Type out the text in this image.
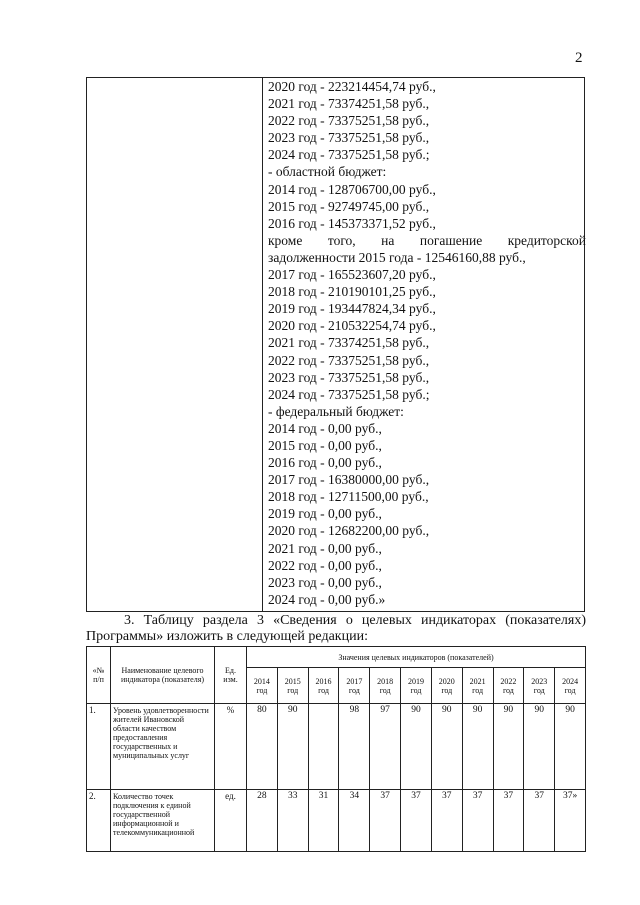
2
2020 год - 223214454,74 руб.,
2021 год - 73374251,58 руб.,
2022 год - 73375251,58 руб.,
2023 год - 73375251,58 руб.,
2024 год - 73375251,58 руб.;
- областной бюджет:
2014 год - 128706700,00 руб.,
2015 год - 92749745,00 руб.,
2016 год - 145373371,52 руб.,
кроме того, на погашение кредиторской
задолженности 2015 года - 12546160,88 руб.,
2017 год - 165523607,20 руб.,
2018 год - 210190101,25 руб.,
2019 год - 193447824,34 руб.,
2020 год - 210532254,74 руб.,
2021 год - 73374251,58 руб.,
2022 год - 73375251,58 руб.,
2023 год - 73375251,58 руб.,
2024 год - 73375251,58 руб.;
- федеральный бюджет:
2014 год - 0,00 руб.,
2015 год - 0,00 руб.,
2016 год - 0,00 руб.,
2017 год - 16380000,00 руб.,
2018 год - 12711500,00 руб.,
2019 год - 0,00 руб.,
2020 год - 12682200,00 руб.,
2021 год - 0,00 руб.,
2022 год - 0,00 руб.,
2023 год - 0,00 руб.,
2024 год - 0,00 руб.»

3. Таблицу раздела 3 «Сведения о целевых индикаторах (показателях) Программы» изложить в следующей редакции:

«№ п/п	Наименование целевого индикатора (показателя)	Ед. изм.	Значения целевых индикаторов (показателей)										
			2014 год	2015 год	2016 год	2017 год	2018 год	2019 год	2020 год	2021 год	2022 год	2023 год	2024 год
1.	Уровень удовлетворенности жителей Ивановской области качеством предоставления государственных и муниципальных услуг	%	80	90		98	97	90	90	90	90	90	90
2.	Количество точек подключения к единой государственной информационной и телекоммуникационной	ед.	28	33	31	34	37	37	37	37	37	37	37»
